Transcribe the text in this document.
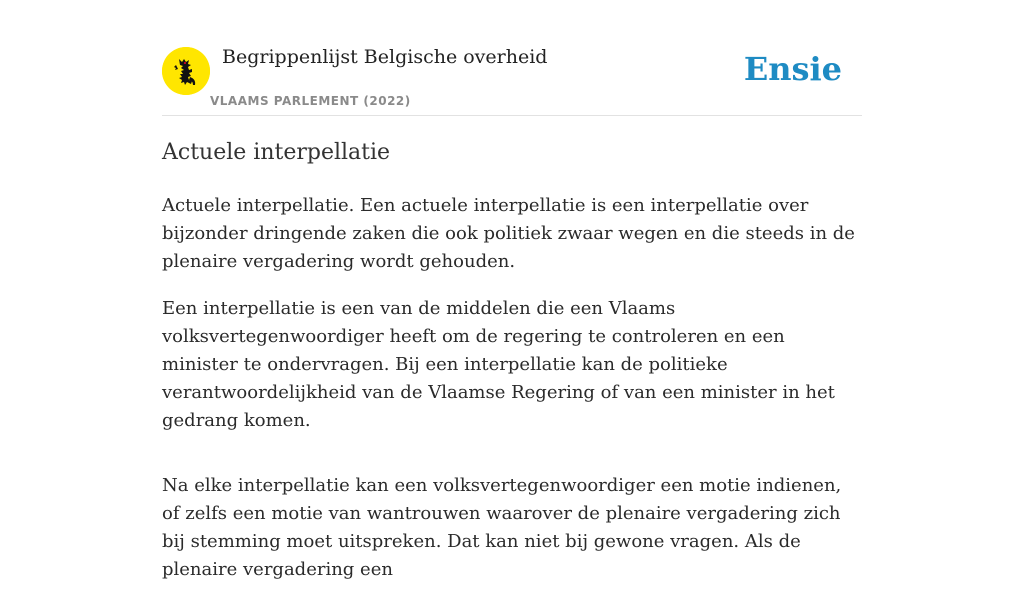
Begrippenlijst Belgische overheid
VLAAMS PARLEMENT (2022)
Ensie
Actuele interpellatie

Actuele interpellatie. Een actuele interpellatie is een interpellatie over bijzonder dringende zaken die ook politiek zwaar wegen en die steeds in de plenaire vergadering wordt gehouden.

Een interpellatie is een van de middelen die een Vlaams volksvertegenwoordiger heeft om de regering te controleren en een minister te ondervragen. Bij een interpellatie kan de politieke verantwoordelijkheid van de Vlaamse Regering of van een minister in het gedrang komen.

Na elke interpellatie kan een volksvertegenwoordiger een motie indienen, of zelfs een motie van wantrouwen waarover de plenaire vergadering zich bij stemming moet uitspreken. Dat kan niet bij gewone vragen. Als de plenaire vergadering een
